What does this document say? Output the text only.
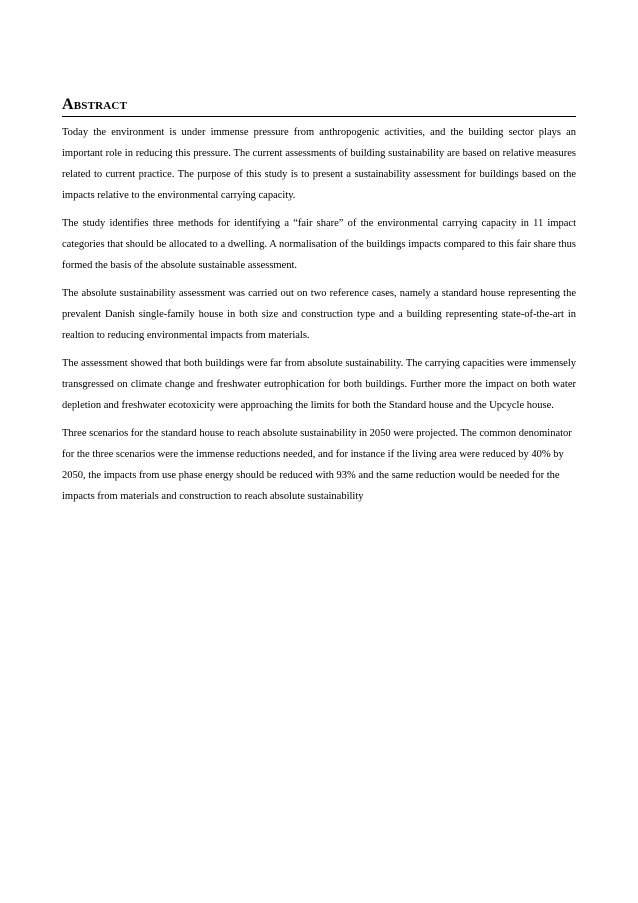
Abstract

Today the environment is under immense pressure from anthropogenic activities, and the building sector plays an important role in reducing this pressure. The current assessments of building sustainability are based on relative measures related to current practice. The purpose of this study is to present a sustainability assessment for buildings based on the impacts relative to the environmental carrying capacity.

The study identifies three methods for identifying a “fair share” of the environmental carrying capacity in 11 impact categories that should be allocated to a dwelling. A normalisation of the buildings impacts compared to this fair share thus formed the basis of the absolute sustainable assessment.

The absolute sustainability assessment was carried out on two reference cases, namely a standard house representing the prevalent Danish single-family house in both size and construction type and a building representing state-of-the-art in realtion to reducing environmental impacts from materials.

The assessment showed that both buildings were far from absolute sustainability. The carrying capacities were immensely transgressed on climate change and freshwater eutrophication for both buildings. Further more the impact on both water depletion and freshwater ecotoxicity were approaching the limits for both the Standard house and the Upcycle house.

Three scenarios for the standard house to reach absolute sustainability in 2050 were projected. The common denominator for the three scenarios were the immense reductions needed, and for instance if the living area were reduced by 40% by 2050, the impacts from use phase energy should be reduced with 93% and the same reduction would be needed for the impacts from materials and construction to reach absolute sustainability
